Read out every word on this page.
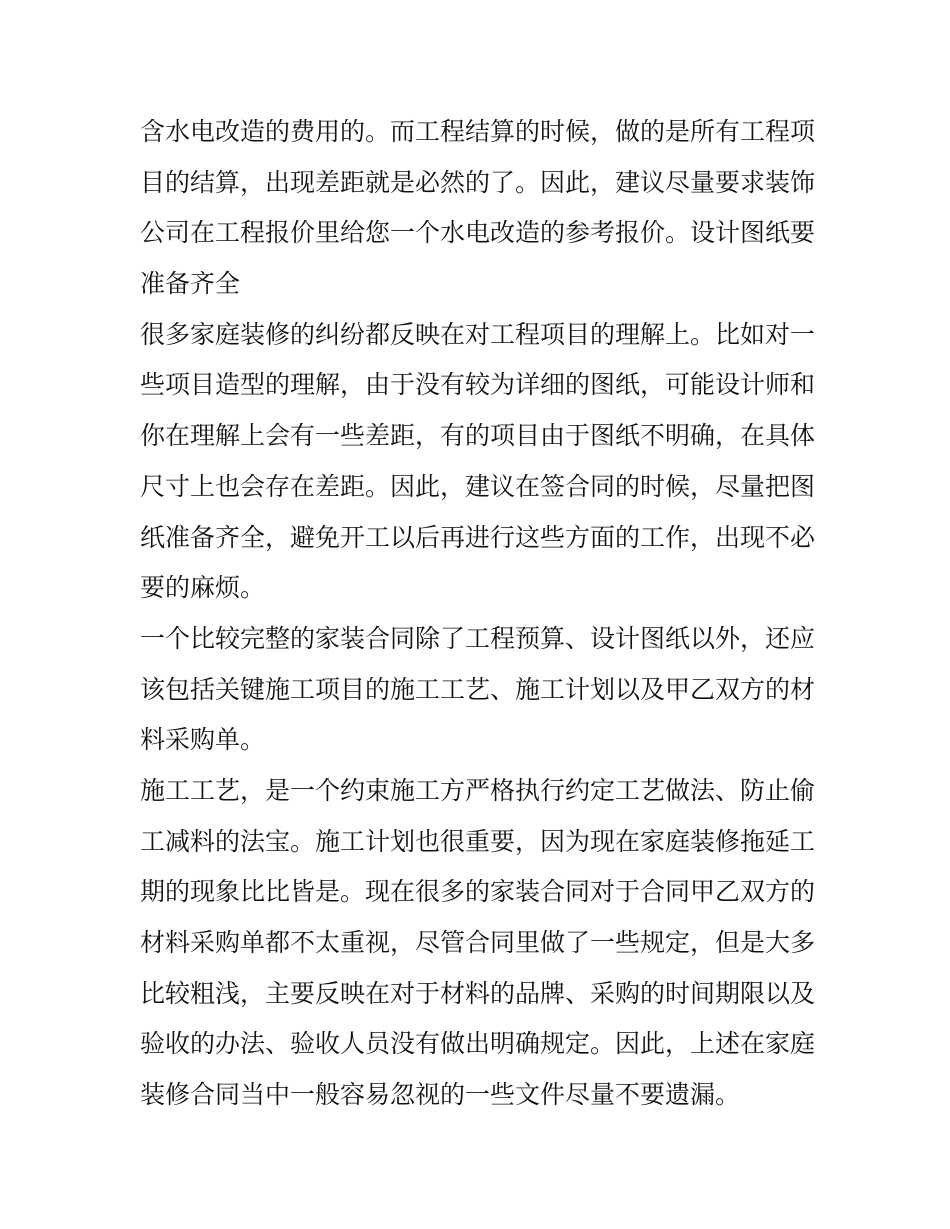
含水电改造的费用的。而工程结算的时候，做的是所有工程项
目的结算，出现差距就是必然的了。因此，建议尽量要求装饰
公司在工程报价里给您一个水电改造的参考报价。设计图纸要
准备齐全
很多家庭装修的纠纷都反映在对工程项目的理解上。比如对一
些项目造型的理解，由于没有较为详细的图纸，可能设计师和
你在理解上会有一些差距，有的项目由于图纸不明确，在具体
尺寸上也会存在差距。因此，建议在签合同的时候，尽量把图
纸准备齐全，避免开工以后再进行这些方面的工作，出现不必
要的麻烦。
一个比较完整的家装合同除了工程预算、设计图纸以外，还应
该包括关键施工项目的施工工艺、施工计划以及甲乙双方的材
料采购单。
施工工艺，是一个约束施工方严格执行约定工艺做法、防止偷
工减料的法宝。施工计划也很重要，因为现在家庭装修拖延工
期的现象比比皆是。现在很多的家装合同对于合同甲乙双方的
材料采购单都不太重视，尽管合同里做了一些规定，但是大多
比较粗浅，主要反映在对于材料的品牌、采购的时间期限以及
验收的办法、验收人员没有做出明确规定。因此，上述在家庭
装修合同当中一般容易忽视的一些文件尽量不要遗漏。
